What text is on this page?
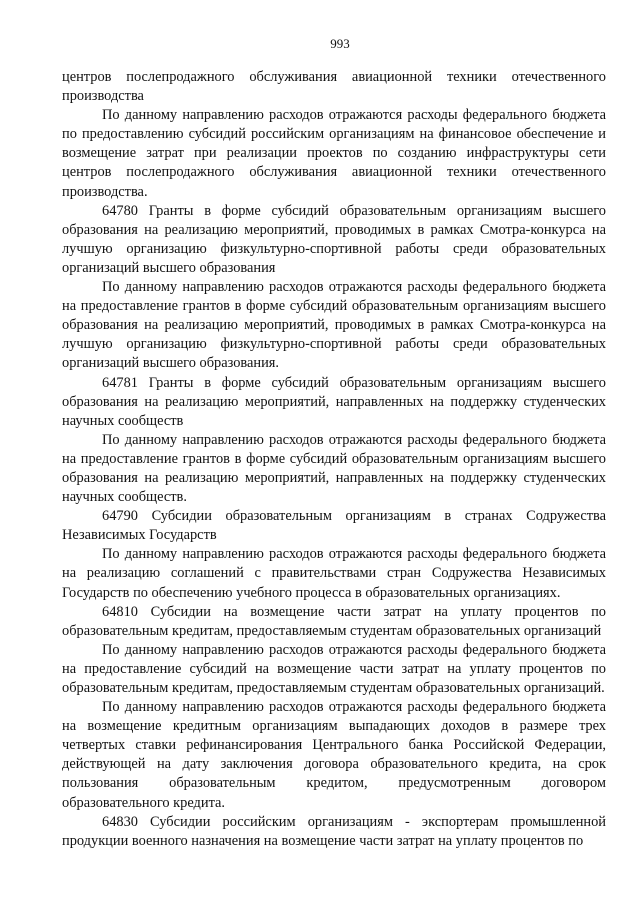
993

центров послепродажного обслуживания авиационной техники отечественного производства

По данному направлению расходов отражаются расходы федерального бюджета по предоставлению субсидий российским организациям на финансовое обеспечение и возмещение затрат при реализации проектов по созданию инфраструктуры сети центров послепродажного обслуживания авиационной техники отечественного производства.

64780 Гранты в форме субсидий образовательным организациям высшего образования на реализацию мероприятий, проводимых в рамках Смотра-конкурса на лучшую организацию физкультурно-спортивной работы среди образовательных организаций высшего образования

По данному направлению расходов отражаются расходы федерального бюджета на предоставление грантов в форме субсидий образовательным организациям высшего образования на реализацию мероприятий, проводимых в рамках Смотра-конкурса на лучшую организацию физкультурно-спортивной работы среди образовательных организаций высшего образования.

64781 Гранты в форме субсидий образовательным организациям высшего образования на реализацию мероприятий, направленных на поддержку студенческих научных сообществ

По данному направлению расходов отражаются расходы федерального бюджета на предоставление грантов в форме субсидий образовательным организациям высшего образования на реализацию мероприятий, направленных на поддержку студенческих научных сообществ.

64790 Субсидии образовательным организациям в странах Содружества Независимых Государств

По данному направлению расходов отражаются расходы федерального бюджета на реализацию соглашений с правительствами стран Содружества Независимых Государств по обеспечению учебного процесса в образовательных организациях.

64810 Субсидии на возмещение части затрат на уплату процентов по образовательным кредитам, предоставляемым студентам образовательных организаций

По данному направлению расходов отражаются расходы федерального бюджета на предоставление субсидий на возмещение части затрат на уплату процентов по образовательным кредитам, предоставляемым студентам образовательных организаций.

По данному направлению расходов отражаются расходы федерального бюджета на возмещение кредитным организациям выпадающих доходов в размере трех четвертых ставки рефинансирования Центрального банка Российской Федерации, действующей на дату заключения договора образовательного кредита, на срок пользования образовательным кредитом, предусмотренным договором образовательного кредита.

64830 Субсидии российским организациям - экспортерам промышленной продукции военного назначения на возмещение части затрат на уплату процентов по
